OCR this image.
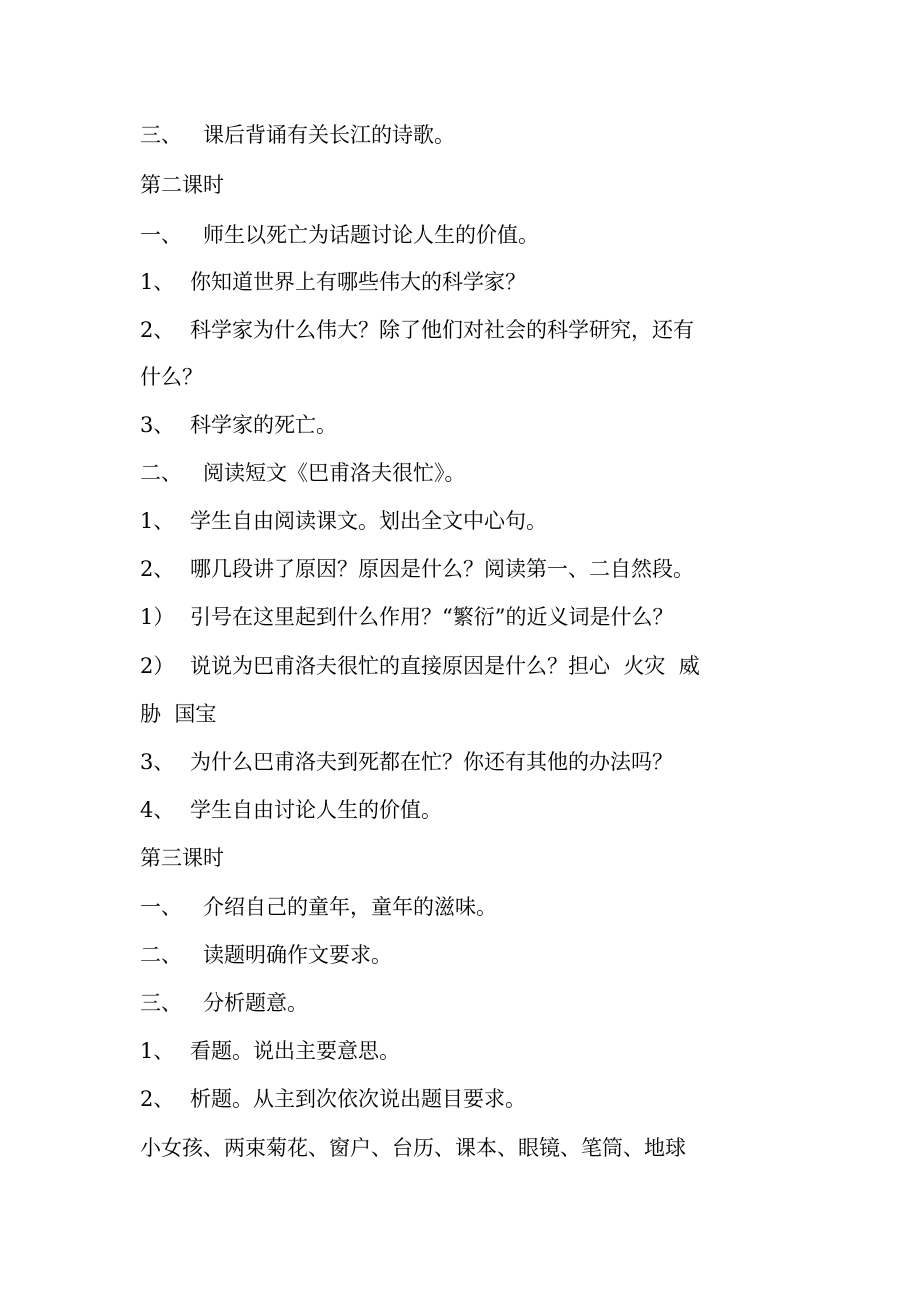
三、 课后背诵有关长江的诗歌。
第二课时
一、 师生以死亡为话题讨论人生的价值。
1、 你知道世界上有哪些伟大的科学家？
2、 科学家为什么伟大？除了他们对社会的科学研究，还有
什么？
3、 科学家的死亡。
二、 阅读短文《巴甫洛夫很忙》。
1、 学生自由阅读课文。划出全文中心句。
2、 哪几段讲了原因？原因是什么？阅读第一、二自然段。
1） 引号在这里起到什么作用？“繁衍”的近义词是什么？
2） 说说为巴甫洛夫很忙的直接原因是什么？担心  火灾  威
胁  国宝
3、 为什么巴甫洛夫到死都在忙？你还有其他的办法吗？
4、 学生自由讨论人生的价值。
第三课时
一、 介绍自己的童年，童年的滋味。
二、 读题明确作文要求。
三、 分析题意。
1、 看题。说出主要意思。
2、 析题。从主到次依次说出题目要求。
小女孩、两束菊花、窗户、台历、课本、眼镜、笔筒、地球
